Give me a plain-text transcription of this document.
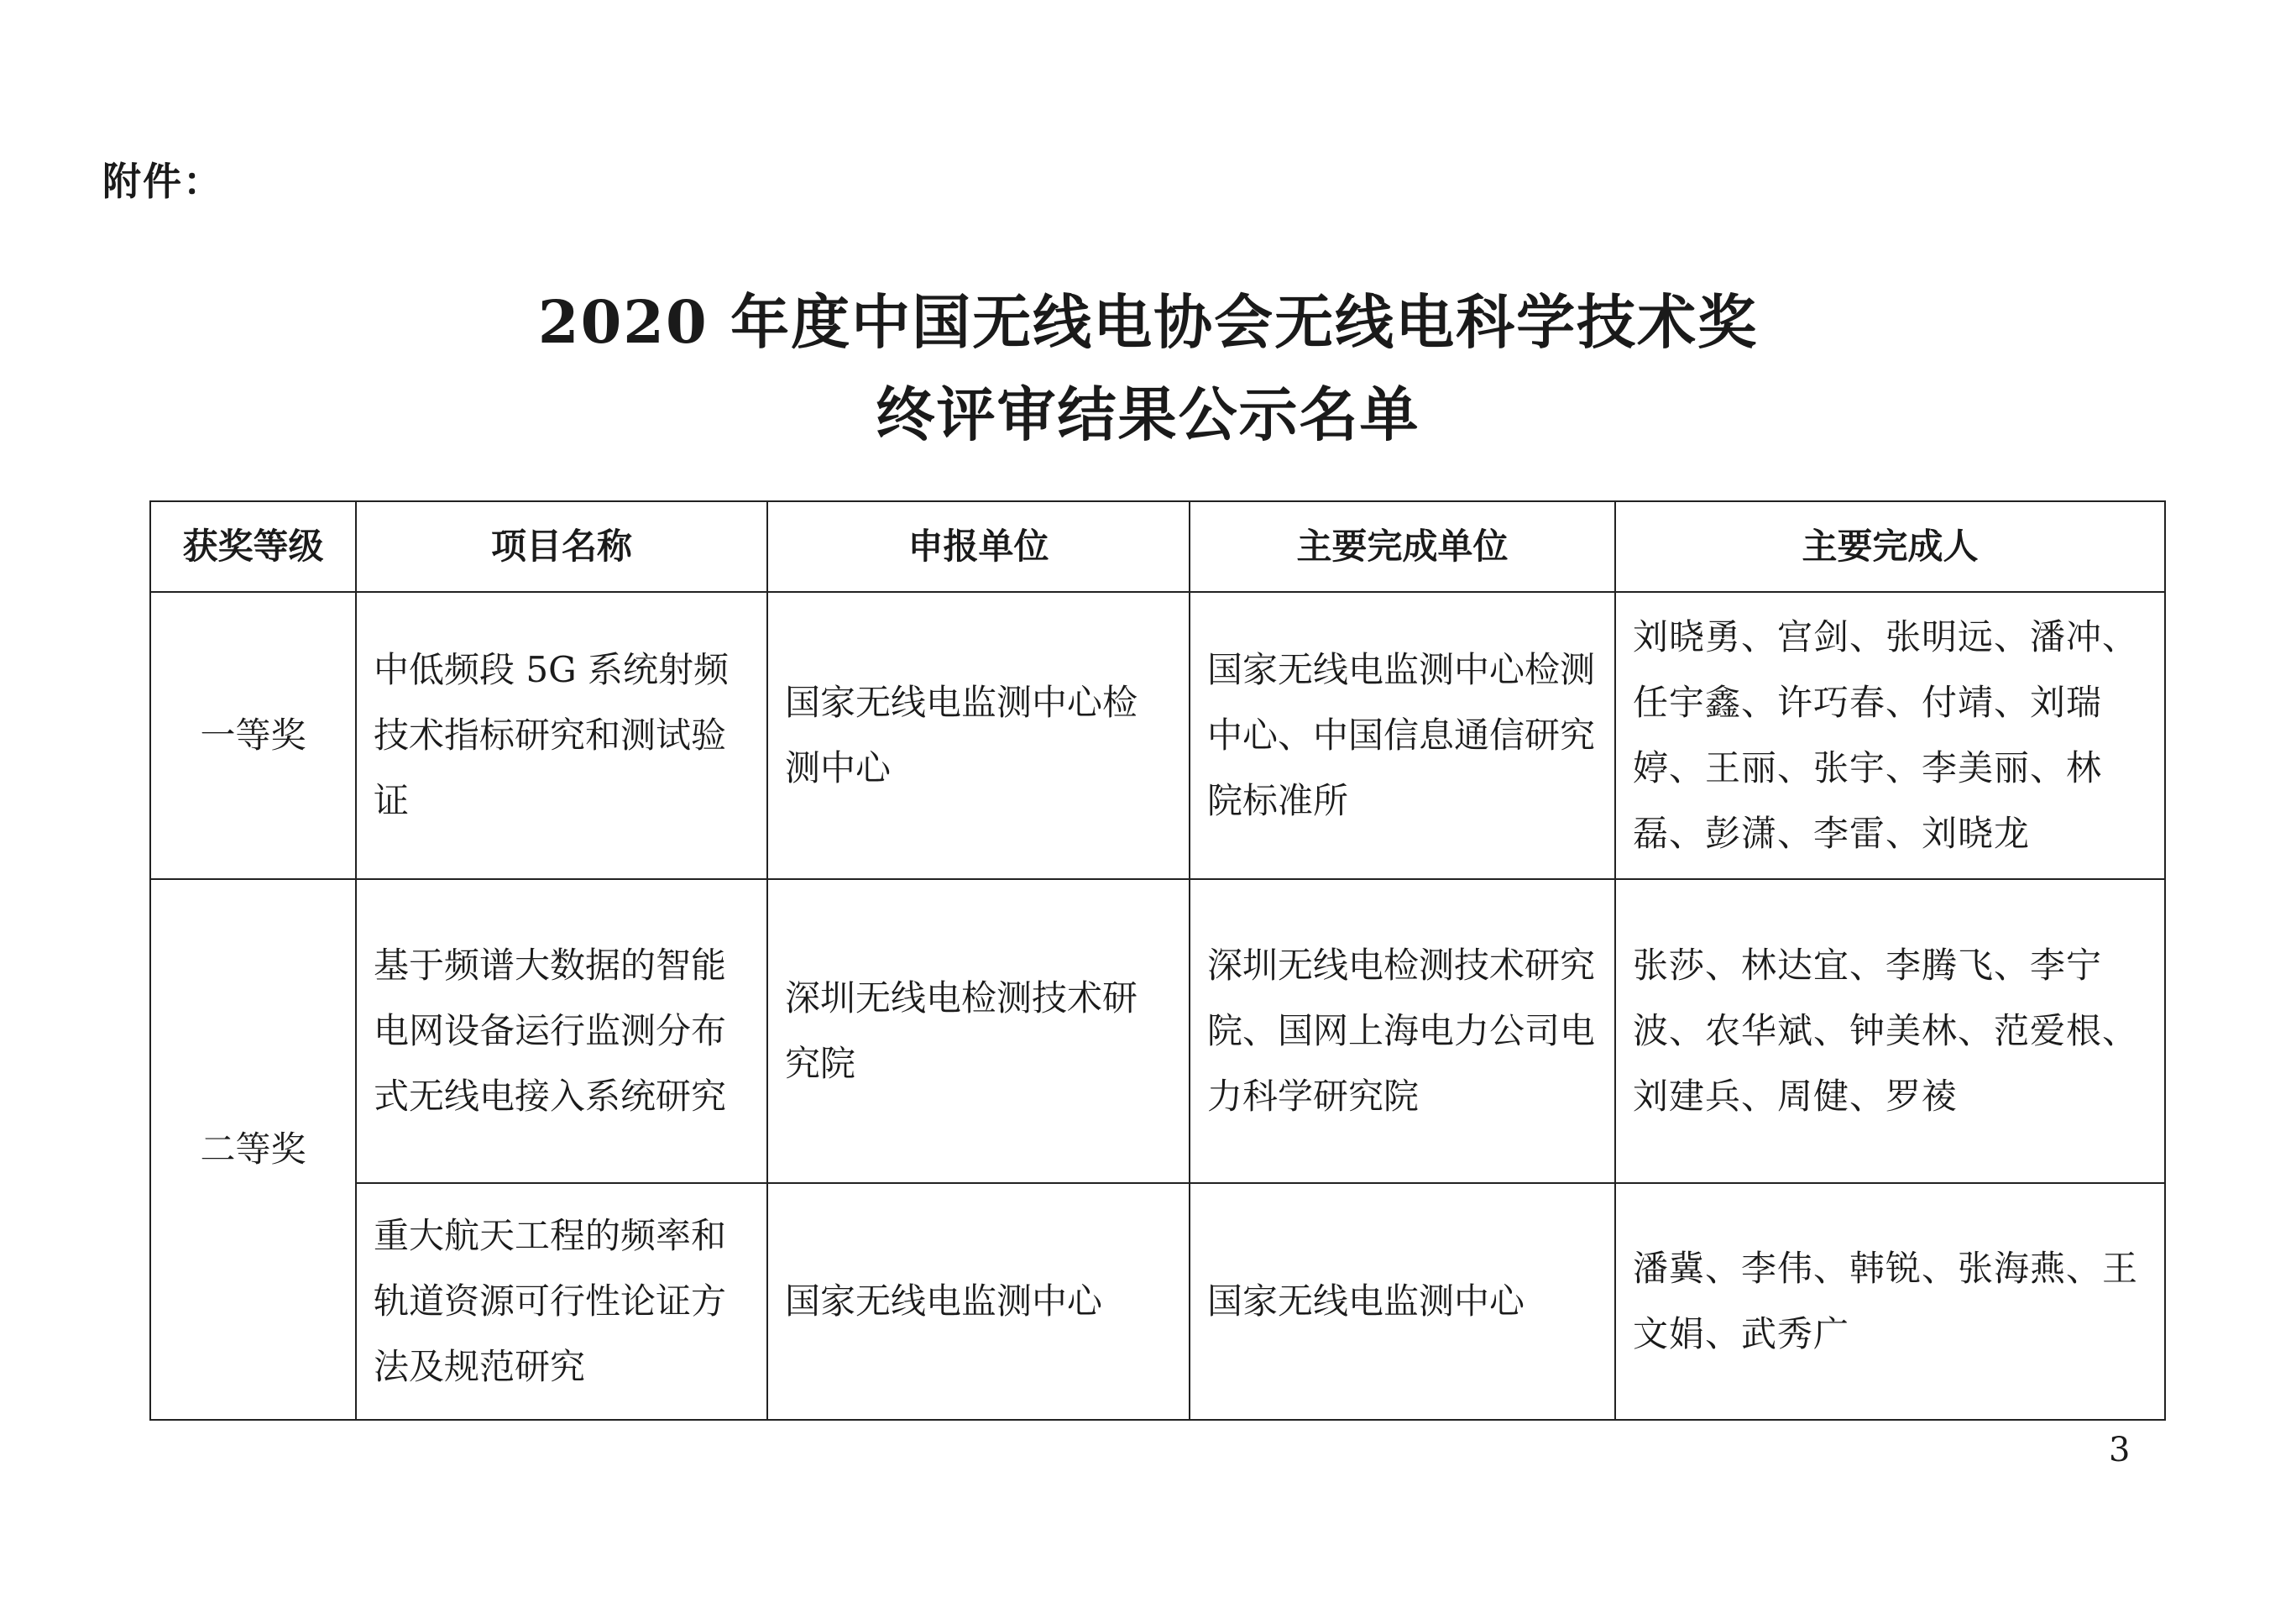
附件：
2020 年度中国无线电协会无线电科学技术奖
终评审结果公示名单
获奖等级	项目名称	申报单位	主要完成单位	主要完成人
一等奖	中低频段 5G 系统射频技术指标研究和测试验证	国家无线电监测中心检测中心	国家无线电监测中心检测中心、中国信息通信研究院标准所	刘晓勇、宫剑、张明远、潘冲、任宇鑫、许巧春、付靖、刘瑞婷、王丽、张宇、李美丽、林磊、彭潇、李雷、刘晓龙
二等奖	基于频谱大数据的智能电网设备运行监测分布式无线电接入系统研究	深圳无线电检测技术研究院	深圳无线电检测技术研究院、国网上海电力公司电力科学研究院	张莎、林达宜、李腾飞、李宁波、农华斌、钟美林、范爱根、刘建兵、周健、罗祾
	重大航天工程的频率和轨道资源可行性论证方法及规范研究	国家无线电监测中心	国家无线电监测中心	潘冀、李伟、韩锐、张海燕、王文娟、武秀广
3
